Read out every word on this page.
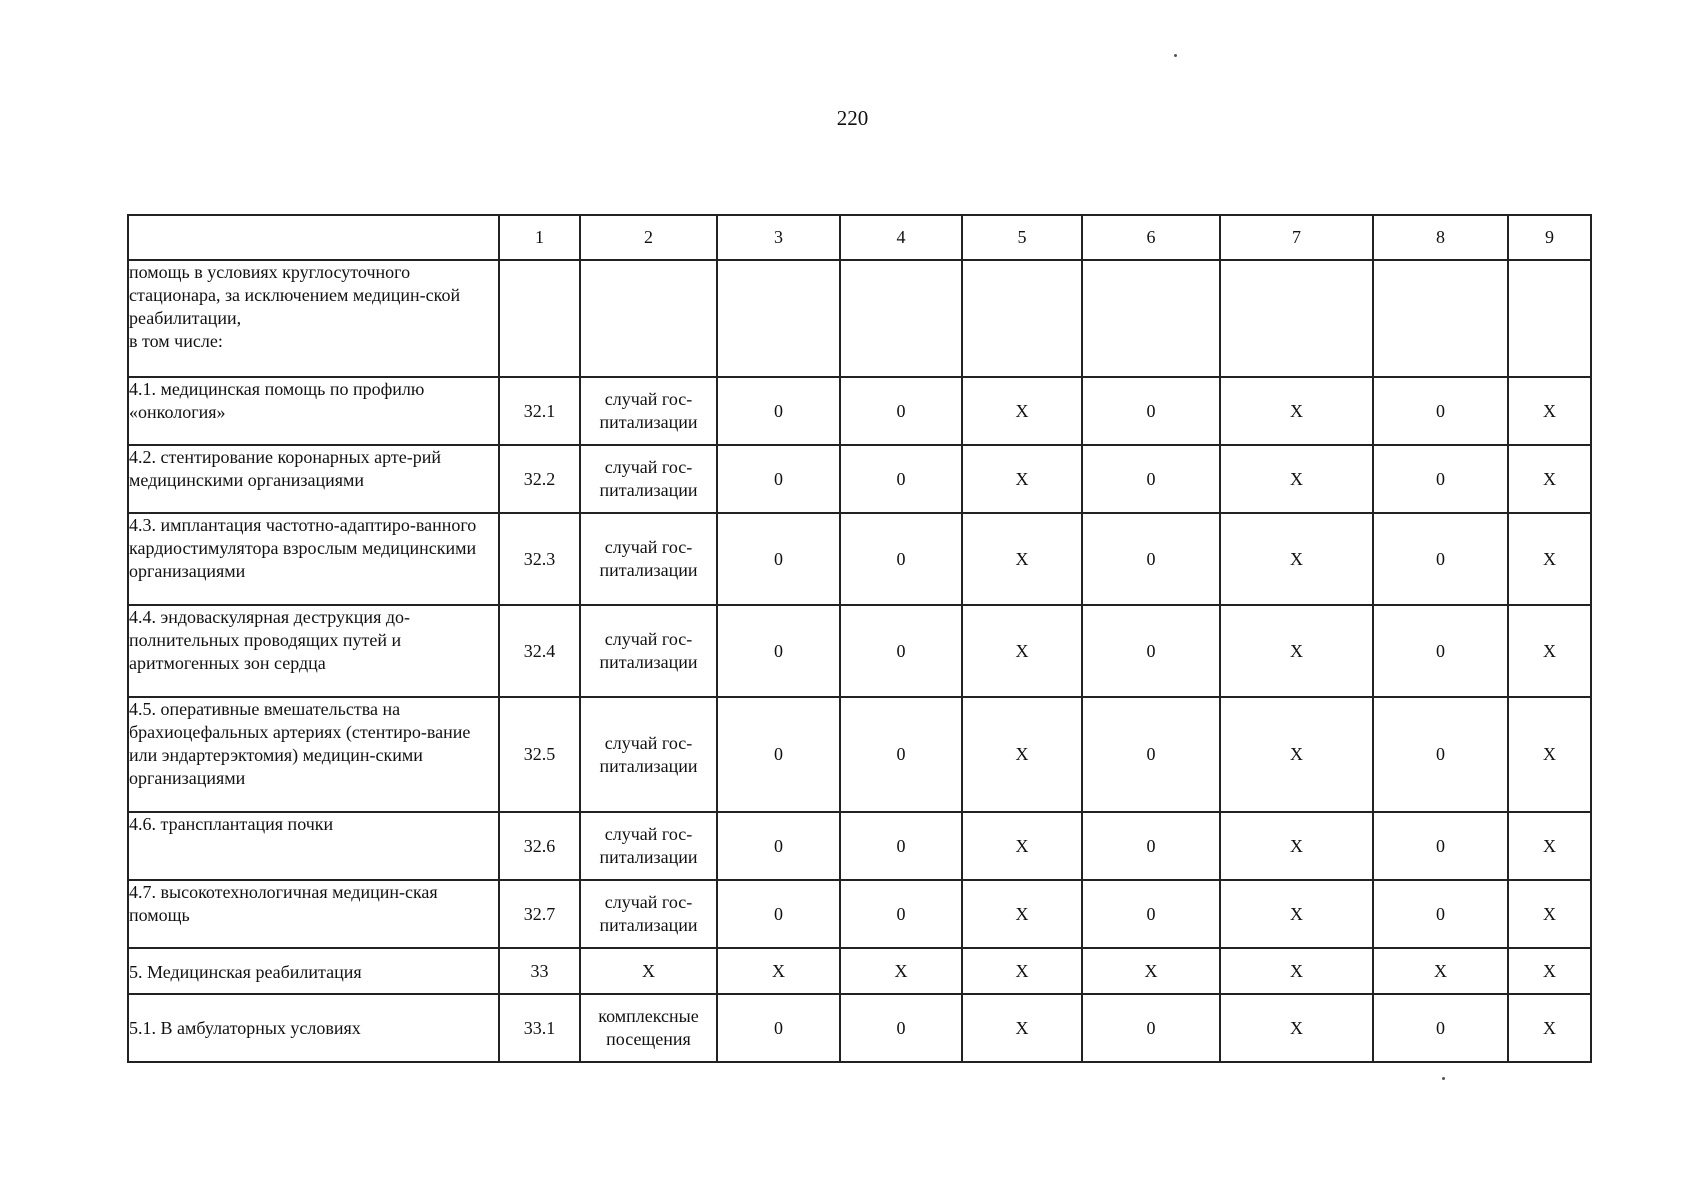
220
	1	2	3	4	5	6	7	8	9
помощь в условиях круглосуточного стационара, за исключением медицин-ской реабилитации,
в том числе:									
4.1. медицинская помощь по профилю «онкология»	32.1	случай гос-питализации	0	0	X	0	X	0	X
4.2. стентирование коронарных арте-рий медицинскими организациями	32.2	случай гос-питализации	0	0	X	0	X	0	X
4.3. имплантация частотно-адаптиро-ванного кардиостимулятора взрослым медицинскими организациями	32.3	случай гос-питализации	0	0	X	0	X	0	X
4.4. эндоваскулярная деструкция до-полнительных проводящих путей и аритмогенных зон сердца	32.4	случай гос-питализации	0	0	X	0	X	0	X
4.5. оперативные вмешательства на брахиоцефальных артериях (стентиро-вание или эндартерэктомия) медицин-скими организациями	32.5	случай гос-питализации	0	0	X	0	X	0	X
4.6. трансплантация почки	32.6	случай гос-питализации	0	0	X	0	X	0	X
4.7. высокотехнологичная медицин-ская помощь	32.7	случай гос-питализации	0	0	X	0	X	0	X
5. Медицинская реабилитация	33	X	X	X	X	X	X	X	X
5.1. В амбулаторных условиях	33.1	комплексные посещения	0	0	X	0	X	0	X
